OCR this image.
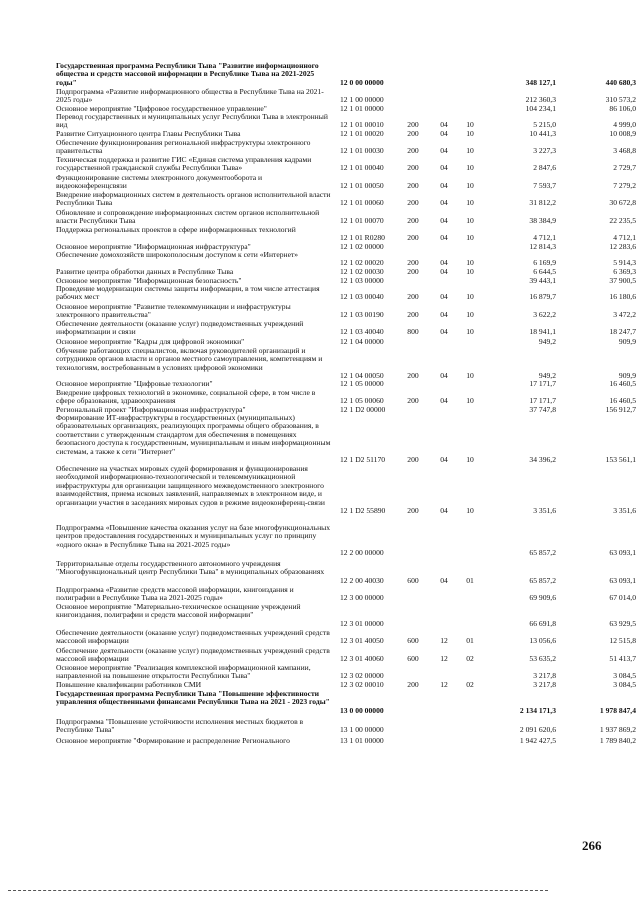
Государственная программа Республики Тыва "Развитие информационного общества и средств массовой информации в Республике Тыва на 2021-2025 годы"	12 0 00 00000	348 127,1	440 680,3
Подпрограмма «Развитие информационного общества в Республике Тыва на 2021-2025 годы»	12 1 00 00000	212 360,3	310 573,2
Основное мероприятие "Цифровое государственное управление"	12 1 01 00000	104 234,1	86 106,0
Перевод государственных и муниципальных услуг Республики Тыва в электронный вид	12 1 01 00010	200	04	10	5 215,0	4 999,0
Развитие Ситуационного центра Главы Республики Тыва	12 1 01 00020	200	04	10	10 441,3	10 008,9
Обеспечение функционирования региональной инфраструктуры электронного правительства	12 1 01 00030	200	04	10	3 227,3	3 468,8
Техническая поддержка и развитие ГИС «Единая система управления кадрами государственной гражданской службы Республики Тыва»	12 1 01 00040	200	04	10	2 847,6	2 729,7
Функционирование системы электронного документооборота и видеоконференцсвязи	12 1 01 00050	200	04	10	7 593,7	7 279,2
Внедрение информационных систем в деятельность органов исполнительной власти Республики Тыва	12 1 01 00060	200	04	10	31 812,2	30 672,8
Обновление и сопровождение информационных систем органов исполнительной власти Республики Тыва	12 1 01 00070	200	04	10	38 384,9	22 235,5
Поддержка региональных проектов в сфере информационных технологий
12 1 01 R0280	200	04	10	4 712,1	4 712,1
Основное мероприятие "Информационная инфраструктура"	12 1 02 00000	12 814,3	12 283,6
Обеспечение домохозяйств широкополосным доступом к сети «Интернет»
12 1 02 00020	200	04	10	6 169,9	5 914,3
Развитие центра обработки данных в Республике Тыва	12 1 02 00030	200	04	10	6 644,5	6 369,3
Основное мероприятие "Информационная безопасность"	12 1 03 00000	39 443,1	37 900,5
Проведение модернизации системы защиты информации, в том числе аттестация рабочих мест	12 1 03 00040	200	04	10	16 879,7	16 180,6
Основное мероприятие "Развитие телекоммуникации и инфраструктуры электронного правительства"	12 1 03 00190	200	04	10	3 622,2	3 472,2
Обеспечение деятельности (оказание услуг) подведомственных учреждений информатизации и связи	12 1 03 40040	800	04	10	18 941,1	18 247,7
Основное мероприятие "Кадры для цифровой экономики"	12 1 04 00000	949,2	909,9
Обучение работающих специалистов, включая руководителей организаций и сотрудников органов власти и органов местного самоуправления, компетенциям и технологиям, востребованным в условиях цифровой экономики
12 1 04 00050	200	04	10	949,2	909,9
Основное мероприятие "Цифровые технологии"	12 1 05 00000	17 171,7	16 460,5
Внедрение цифровых технологий в экономике, социальной сфере, в том числе в сфере образования, здравоохранения	12 1 05 00060	200	04	10	17 171,7	16 460,5
Региональный проект "Информационная инфраструктура"	12 1 D2 00000	37 747,8	156 912,7
Формирование ИТ-инфраструктуры в государственных (муниципальных) образовательных организациях, реализующих программы общего образования, в соответствии с утвержденным стандартом для обеспечения в помещениях безопасного доступа к государственным, муниципальным и иным информационным системам, а также к сети "Интернет"
12 1 D2 51170	200	04	10	34 396,2	153 561,1
Обеспечение на участках мировых судей формирования и функционирования необходимой информационно-технологической и телекоммуникационной инфраструктуры для организации защищенного межведомственного электронного взаимодействия, приема исковых заявлений, направляемых в электронном виде, и организации участия в заседаниях мировых судов в режиме видеоконференц-связи
12 1 D2 55890	200	04	10	3 351,6	3 351,6
Подпрограмма «Повышение качества оказания услуг на базе многофункциональных центров предоставления государственных и муниципальных услуг по принципу «одного окна» в Республике Тыва на 2021-2025 годы»
12 2 00 00000	65 857,2	63 093,1
Территориальные отделы государственного автономного учреждения "Многофункциональный центр Республики Тыва" в муниципальных образованиях
12 2 00 40030	600	04	01	65 857,2	63 093,1
Подпрограмма «Развитие средств массовой информации, книгоиздания и полиграфии в Республике Тыва на 2021-2025 годы»	12 3 00 00000	69 909,6	67 014,0
Основное мероприятие "Материально-техническое оснащение учреждений книгоиздания, полиграфии и средств массовой информации"
12 3 01 00000	66 691,8	63 929,5
Обеспечение деятельности (оказание услуг) подведомственных учреждений средств массовой информации	12 3 01 40050	600	12	01	13 056,6	12 515,8
Обеспечение деятельности (оказание услуг) подведомственных учреждений средств массовой информации	12 3 01 40060	600	12	02	53 635,2	51 413,7
Основное мероприятие "Реализация комплексной информационной кампании, направленной на повышение открытости Республики Тыва"	12 3 02 00000	3 217,8	3 084,5
Повышение квалификации работников СМИ	12 3 02 00010	200	12	02	3 217,8	3 084,5
Государственная программа Республики Тыва "Повышение эффективности управления общественными финансами Республики Тыва на 2021 - 2023 годы"
13 0 00 00000	2 134 171,3	1 978 847,4
Подпрограмма "Повышение устойчивости исполнения местных бюджетов в Республике Тыва"	13 1 00 00000	2 091 620,6	1 937 869,2
Основное мероприятие "Формирование и распределение Регионального	13 1 01 00000	1 942 427,5	1 789 840,2
266
